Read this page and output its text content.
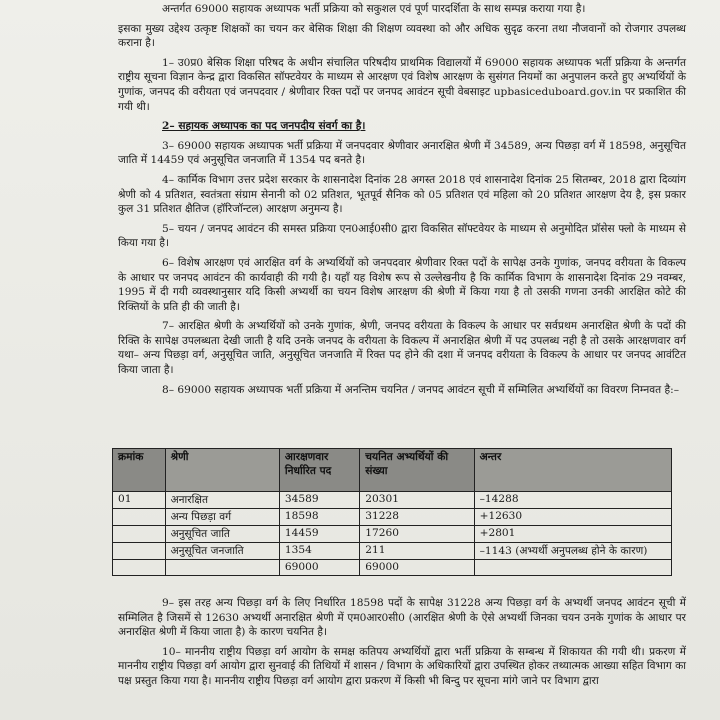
अन्तर्गत 69000 सहायक अध्यापक भर्ती प्रक्रिया को सकुशल एवं पूर्ण पारदर्शिता के साथ सम्पन्न कराया गया है।

इसका मुख्य उद्देश्य उत्कृष्ट शिक्षकों का चयन कर बेसिक शिक्षा की शिक्षण व्यवस्था को और अधिक सुदृढ करना तथा नौजवानों को रोजगार उपलब्ध कराना है।

1– उ0प्र0 बेसिक शिक्षा परिषद के अधीन संचालित परिषदीय प्राथमिक विद्यालयों में 69000 सहायक अध्यापक भर्ती प्रक्रिया के अन्तर्गत राष्ट्रीय सूचना विज्ञान केन्द्र द्वारा विकसित सॉफ्टवेयर के माध्यम से आरक्षण एवं विशेष आरक्षण के सुसंगत नियमों का अनुपालन करते हुए अभ्यर्थियों के गुणांक, जनपद की वरीयता एवं जनपदवार / श्रेणीवार रिक्त पदों पर जनपद आवंटन सूची वेबसाइट upbasiceduboard.gov.in पर प्रकाशित की गयी थी।

2– सहायक अध्यापक का पद जनपदीय संवर्ग का है।

3– 69000 सहायक अध्यापक भर्ती प्रक्रिया में जनपदवार श्रेणीवार अनारक्षित श्रेणी में 34589, अन्य पिछड़ा वर्ग में 18598, अनुसूचित जाति में 14459 एवं अनुसूचित जनजाति में 1354 पद बनते है।

4– कार्मिक विभाग उत्तर प्रदेश सरकार के शासनादेश दिनांक 28 अगस्त 2018 एवं शासनादेश दिनांक 25 सितम्बर, 2018 द्वारा दिव्यांग श्रेणी को 4 प्रतिशत, स्वतंत्रता संग्राम सेनानी को 02 प्रतिशत, भूतपूर्व सैनिक को 05 प्रतिशत एवं महिला को 20 प्रतिशत आरक्षण देय है, इस प्रकार कुल 31 प्रतिशत क्षैतिज (हॉरिजॉन्टल) आरक्षण अनुमन्य है।

5– चयन / जनपद आवंटन की समस्त प्रक्रिया एन0आई0सी0 द्वारा विकसित सॉफ्टवेयर के माध्यम से अनुमोदित प्रॉसेस फ्लो के माध्यम से किया गया है।

6– विशेष आरक्षण एवं आरक्षित वर्ग के अभ्यर्थियों को जनपदवार श्रेणीवार रिक्त पदों के सापेक्ष उनके गुणांक, जनपद वरीयता के विकल्प के आधार पर जनपद आवंटन की कार्यवाही की गयी है। यहाँ यह विशेष रूप से उल्लेखनीय है कि कार्मिक विभाग के शासनादेश दिनांक 29 नवम्बर, 1995 में दी गयी व्यवस्थानुसार यदि किसी अभ्यर्थी का चयन विशेष आरक्षण की श्रेणी में किया गया है तो उसकी गणना उनकी आरक्षित कोटे की रिक्तियों के प्रति ही की जाती है।

7– आरक्षित श्रेणी के अभ्यर्थियों को उनके गुणांक, श्रेणी, जनपद वरीयता के विकल्प के आधार पर सर्वप्रथम अनारक्षित श्रेणी के पदों की रिक्ति के सापेक्ष उपलब्धता देखी जाती है यदि उनके जनपद के वरीयता के विकल्प में अनारक्षित श्रेणी में पद उपलब्ध नही है तो उसके आरक्षणवार वर्ग यथा– अन्य पिछड़ा वर्ग, अनुसूचित जाति, अनुसूचित जनजाति में रिक्त पद होने की दशा में जनपद वरीयता के विकल्प के आधार पर जनपद आवंटित किया जाता है।

8– 69000 सहायक अध्यापक भर्ती प्रक्रिया में अनन्तिम चयनित / जनपद आवंटन सूची में सम्मिलित अभ्यर्थियों का विवरण निम्नवत है:–

क्रमांक	श्रेणी	आरक्षणवार निर्धारित पद	चयनित अभ्यर्थियों की संख्या	अन्तर
01	अनारक्षित	34589	20301	–14288
	अन्य पिछड़ा वर्ग	18598	31228	+12630
	अनुसूचित जाति	14459	17260	+2801
	अनुसूचित जनजाति	1354	211	–1143 (अभ्यर्थी अनुपलब्ध होने के कारण)
		69000	69000	

9– इस तरह अन्य पिछड़ा वर्ग के लिए निर्धारित 18598 पदों के सापेक्ष 31228 अन्य पिछड़ा वर्ग के अभ्यर्थी जनपद आवंटन सूची में सम्मिलित है जिसमें से 12630 अभ्यर्थी अनारक्षित श्रेणी में एम0आर0सी0 (आरक्षित श्रेणी के ऐसे अभ्यर्थी जिनका चयन उनके गुणांक के आधार पर अनारक्षित श्रेणी में किया जाता है) के कारण चयनित है।

10– माननीय राष्ट्रीय पिछड़ा वर्ग आयोग के समक्ष कतिपय अभ्यर्थियों द्वारा भर्ती प्रक्रिया के सम्बन्ध में शिकायत की गयी थी। प्रकरण में माननीय राष्ट्रीय पिछड़ा वर्ग आयोग द्वारा सुनवाई की तिथियों में शासन / विभाग के अधिकारियों द्वारा उपस्थित होकर तथ्यात्मक आख्या सहित विभाग का पक्ष प्रस्तुत किया गया है। माननीय राष्ट्रीय पिछड़ा वर्ग आयोग द्वारा प्रकरण में किसी भी बिन्दु पर सूचना मांगे जाने पर विभाग द्वारा
